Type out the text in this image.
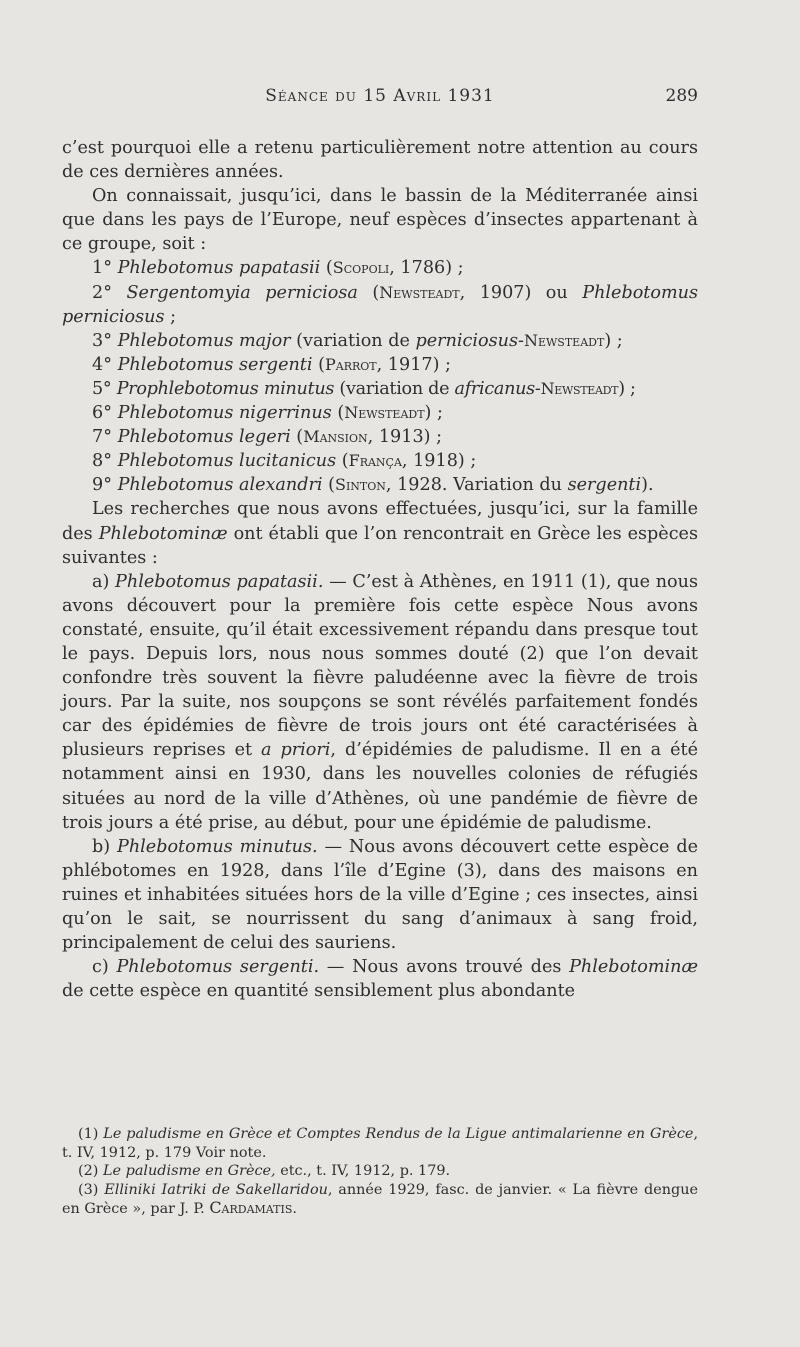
Séance du 15 Avril 1931	289

c’est pourquoi elle a retenu particulièrement notre attention au cours de ces dernières années.

On connaissait, jusqu’ici, dans le bassin de la Méditerranée ainsi que dans les pays de l’Europe, neuf espèces d’insectes appartenant à ce groupe, soit :

1° Phlebotomus papatasii (Scopoli, 1786) ;

2° Sergentomyia perniciosa (Newsteadt, 1907) ou Phlebotomus perniciosus ;

3° Phlebotomus major (variation de perniciosus-Newsteadt) ;

4° Phlebotomus sergenti (Parrot, 1917) ;

5° Prophlebotomus minutus (variation de africanus-Newsteadt) ;

6° Phlebotomus nigerrinus (Newsteadt) ;

7° Phlebotomus legeri (Mansion, 1913) ;

8° Phlebotomus lucitanicus (França, 1918) ;

9° Phlebotomus alexandri (Sinton, 1928. Variation du sergenti).

Les recherches que nous avons effectuées, jusqu’ici, sur la famille des Phlebotominæ ont établi que l’on rencontrait en Grèce les espèces suivantes :

a) Phlebotomus papatasii. — C’est à Athènes, en 1911 (1), que nous avons découvert pour la première fois cette espèce Nous avons constaté, ensuite, qu’il était excessivement répandu dans presque tout le pays. Depuis lors, nous nous sommes douté (2) que l’on devait confondre très souvent la fièvre paludéenne avec la fièvre de trois jours. Par la suite, nos soupçons se sont révélés parfaitement fondés car des épidémies de fièvre de trois jours ont été caractérisées à plusieurs reprises et a priori, d’épidémies de paludisme. Il en a été notamment ainsi en 1930, dans les nouvelles colonies de réfugiés situées au nord de la ville d’Athènes, où une pandémie de fièvre de trois jours a été prise, au début, pour une épidémie de paludisme.

b) Phlebotomus minutus. — Nous avons découvert cette espèce de phlébotomes en 1928, dans l’île d’Egine (3), dans des maisons en ruines et inhabitées situées hors de la ville d’Egine ; ces insectes, ainsi qu’on le sait, se nourrissent du sang d’animaux à sang froid, principalement de celui des sauriens.

c) Phlebotomus sergenti. — Nous avons trouvé des Phlebotominæ de cette espèce en quantité sensiblement plus abondante

(1) Le paludisme en Grèce et Comptes Rendus de la Ligue antimalarienne en Grèce, t. IV, 1912, p. 179 Voir note.

(2) Le paludisme en Grèce, etc., t. IV, 1912, p. 179.

(3) Elliniki Iatriki de Sakellaridou, année 1929, fasc. de janvier. « La fièvre dengue en Grèce », par J. P. Cardamatis.
